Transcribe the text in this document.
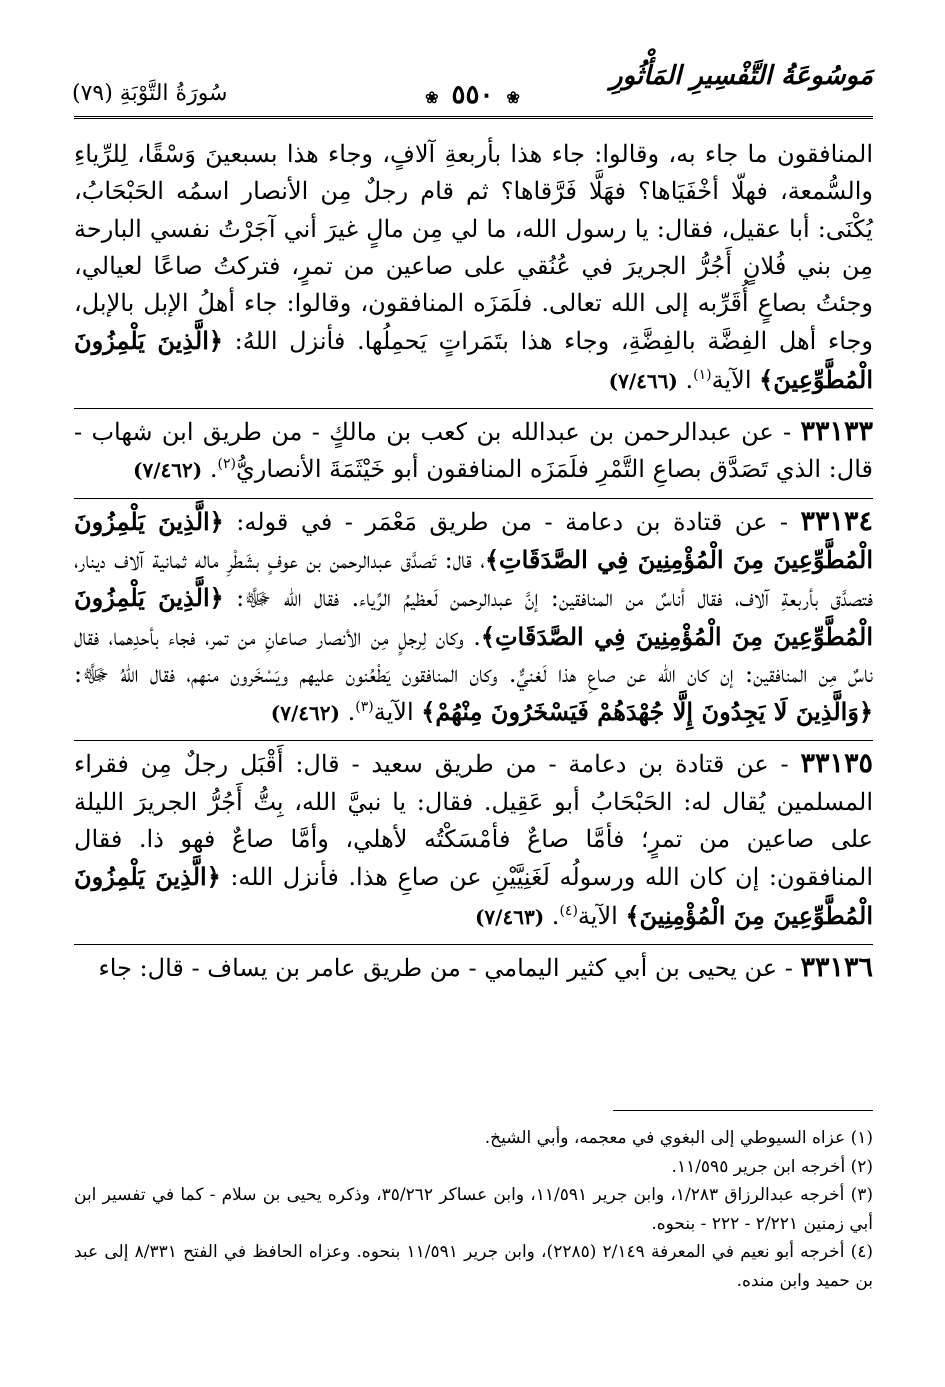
مَوسُوعَةُ التَّفْسِيرِ المَأْثُورِ
❀ ٥٥٠ ❀
سُورَةُ التَّوْبَةِ (٧٩)

المنافقون ما جاء به، وقالوا: جاء هذا بأربعةِ آلافٍ، وجاء هذا بسبعينَ وَسْقًا، لِلرِّياءِ والسُّمعة، فهلّا أخْفَيَاها؟ فهَلَّا فَرَّقاها؟ ثم قام رجلٌ مِن الأنصار اسمُه الحَبْحَابُ، يُكْنَى: أبا عقيل، فقال: يا رسول الله، ما لي مِن مالٍ غيرَ أني آجَرْتُ نفسي البارحة مِن بني فُلانٍ أَجُرُّ الجريرَ في عُنُقي على صاعين من تمرٍ، فتركتُ صاعًا لعيالي، وجئتُ بصاعٍ أُقَرِّبه إلى الله تعالى. فلَمَزَه المنافقون، وقالوا: جاء أهلُ الإبل بالإبل، وجاء أهل الفِضَّة بالفِضَّةِ، وجاء هذا بتَمَراتٍ يَحمِلُها. فأنزل اللهُ: ﴿الَّذِينَ يَلْمِزُونَ الْمُطَّوِّعِينَ﴾ الآية$^{(١)}$. (٧/٤٦٦)

٣٣١٣٣ - عن عبدالرحمن بن عبدالله بن كعب بن مالكٍ - من طريق ابن شهاب - قال: الذي تَصَدَّق بصاعِ التَّمْرِ فلَمَزَه المنافقون أبو خَيْثَمَةَ الأنصاريُّ$^{(٢)}$. (٧/٤٦٢)

٣٣١٣٤ - عن قتادة بن دعامة - من طريق مَعْمَر - في قوله: ﴿الَّذِينَ يَلْمِزُونَ الْمُطَّوِّعِينَ مِنَ الْمُؤْمِنِينَ فِي الصَّدَقَاتِ﴾، قال: تَصدَّق عبدالرحمن بن عوفٍ بشَطْرِ ماله ثمانية آلاف دينار، فتصدَّق بأربعةِ آلاف، فقال أناسٌ من المنافقين: إنَّ عبدالرحمن لَعظيمُ الرِّياء. فقال الله ﷻ: ﴿الَّذِينَ يَلْمِزُونَ الْمُطَّوِّعِينَ مِنَ الْمُؤْمِنِينَ فِي الصَّدَقَاتِ﴾. وكان لِرجلٍ مِن الأنصار صاعانِ من تمر، فجاء بأحدِهما، فقال ناسٌ مِن المنافقين: إن كان الله عن صاعِ هذا لَغنيٌّ. وكان المنافقون يَطْعُنون عليهم ويَسْخَرون منهم، فقال اللهُ ﷻ: ﴿وَالَّذِينَ لَا يَجِدُونَ إِلَّا جُهْدَهُمْ فَيَسْخَرُونَ مِنْهُمْ﴾ الآية$^{(٣)}$. (٧/٤٦٢)

٣٣١٣٥ - عن قتادة بن دعامة - من طريق سعيد - قال: أَقْبَل رجلٌ مِن فقراء المسلمين يُقال له: الحَبْحَابُ أبو عَقِيل. فقال: يا نبيَّ الله، بِتُّ أَجُرُّ الجريرَ الليلة على صاعين من تمرٍ؛ فأمَّا صاعٌ فأمْسَكْتُه لأهلي، وأمَّا صاعٌ فهو ذا. فقال المنافقون: إن كان الله ورسولُه لَغَنِيَّيْنِ عن صاعِ هذا. فأنزل الله: ﴿الَّذِينَ يَلْمِزُونَ الْمُطَّوِّعِينَ مِنَ الْمُؤْمِنِينَ﴾ الآية$^{(٤)}$. (٧/٤٦٣)

٣٣١٣٦ - عن يحيى بن أبي كثير اليمامي - من طريق عامر بن يساف - قال: جاء

(١) عزاه السيوطي إلى البغوي في معجمه، وأبي الشيخ.

(٢) أخرجه ابن جرير ١١/٥٩٥.

(٣) أخرجه عبدالرزاق ١/٢٨٣، وابن جرير ١١/٥٩١، وابن عساكر ٣٥/٢٦٢، وذكره يحيى بن سلام - كما في تفسير ابن أبي زمنين ٢/٢٢١ - ٢٢٢ - بنحوه.

(٤) أخرجه أبو نعيم في المعرفة ٢/١٤٩ (٢٢٨٥)، وابن جرير ١١/٥٩١ بنحوه. وعزاه الحافظ في الفتح ٨/٣٣١ إلى عبد بن حميد وابن منده.
